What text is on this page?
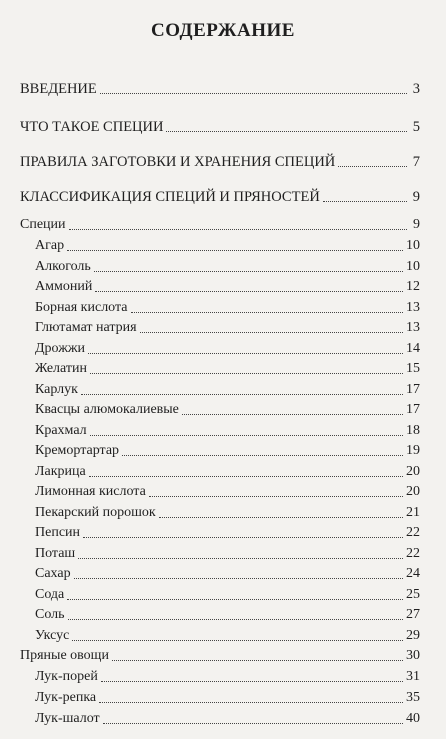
СОДЕРЖАНИЕ
ВВЕДЕНИЕ	3
ЧТО ТАКОЕ СПЕЦИИ	5
ПРАВИЛА ЗАГОТОВКИ И ХРАНЕНИЯ СПЕЦИЙ	7
КЛАССИФИКАЦИЯ СПЕЦИЙ И ПРЯНОСТЕЙ	9
Специи	9
Агар	10
Алкоголь	10
Аммоний	12
Борная кислота	13
Глютамат натрия	13
Дрожжи	14
Желатин	15
Карлук	17
Квасцы алюмокалиевые	17
Крахмал	18
Кремортартар	19
Лакрица	20
Лимонная кислота	20
Пекарский порошок	21
Пепсин	22
Поташ	22
Сахар	24
Сода	25
Соль	27
Уксус	29
Пряные овощи	30
Лук-порей	31
Лук-репка	35
Лук-шалот	40
